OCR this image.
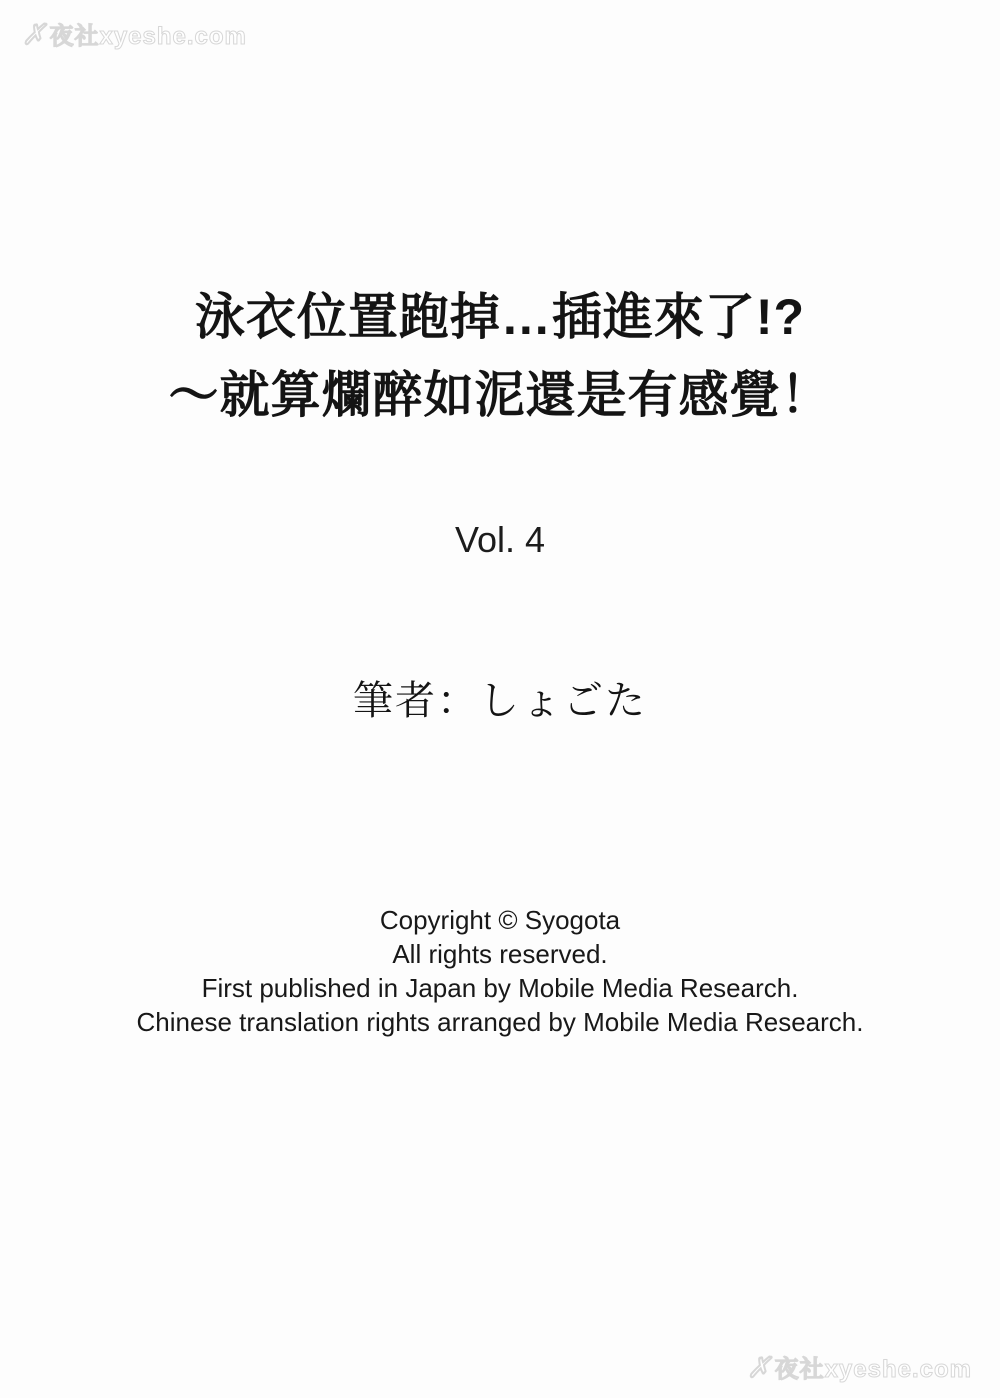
✗ 夜社xyeshe.com
泳衣位置跑掉…插進來了!?
～就算爛醉如泥還是有感覺！
Vol. 4
筆者：しょごた
Copyright © Syogota
All rights reserved.
First published in Japan by Mobile Media Research.
Chinese translation rights arranged by Mobile Media Research.
✗ 夜社xyeshe.com
